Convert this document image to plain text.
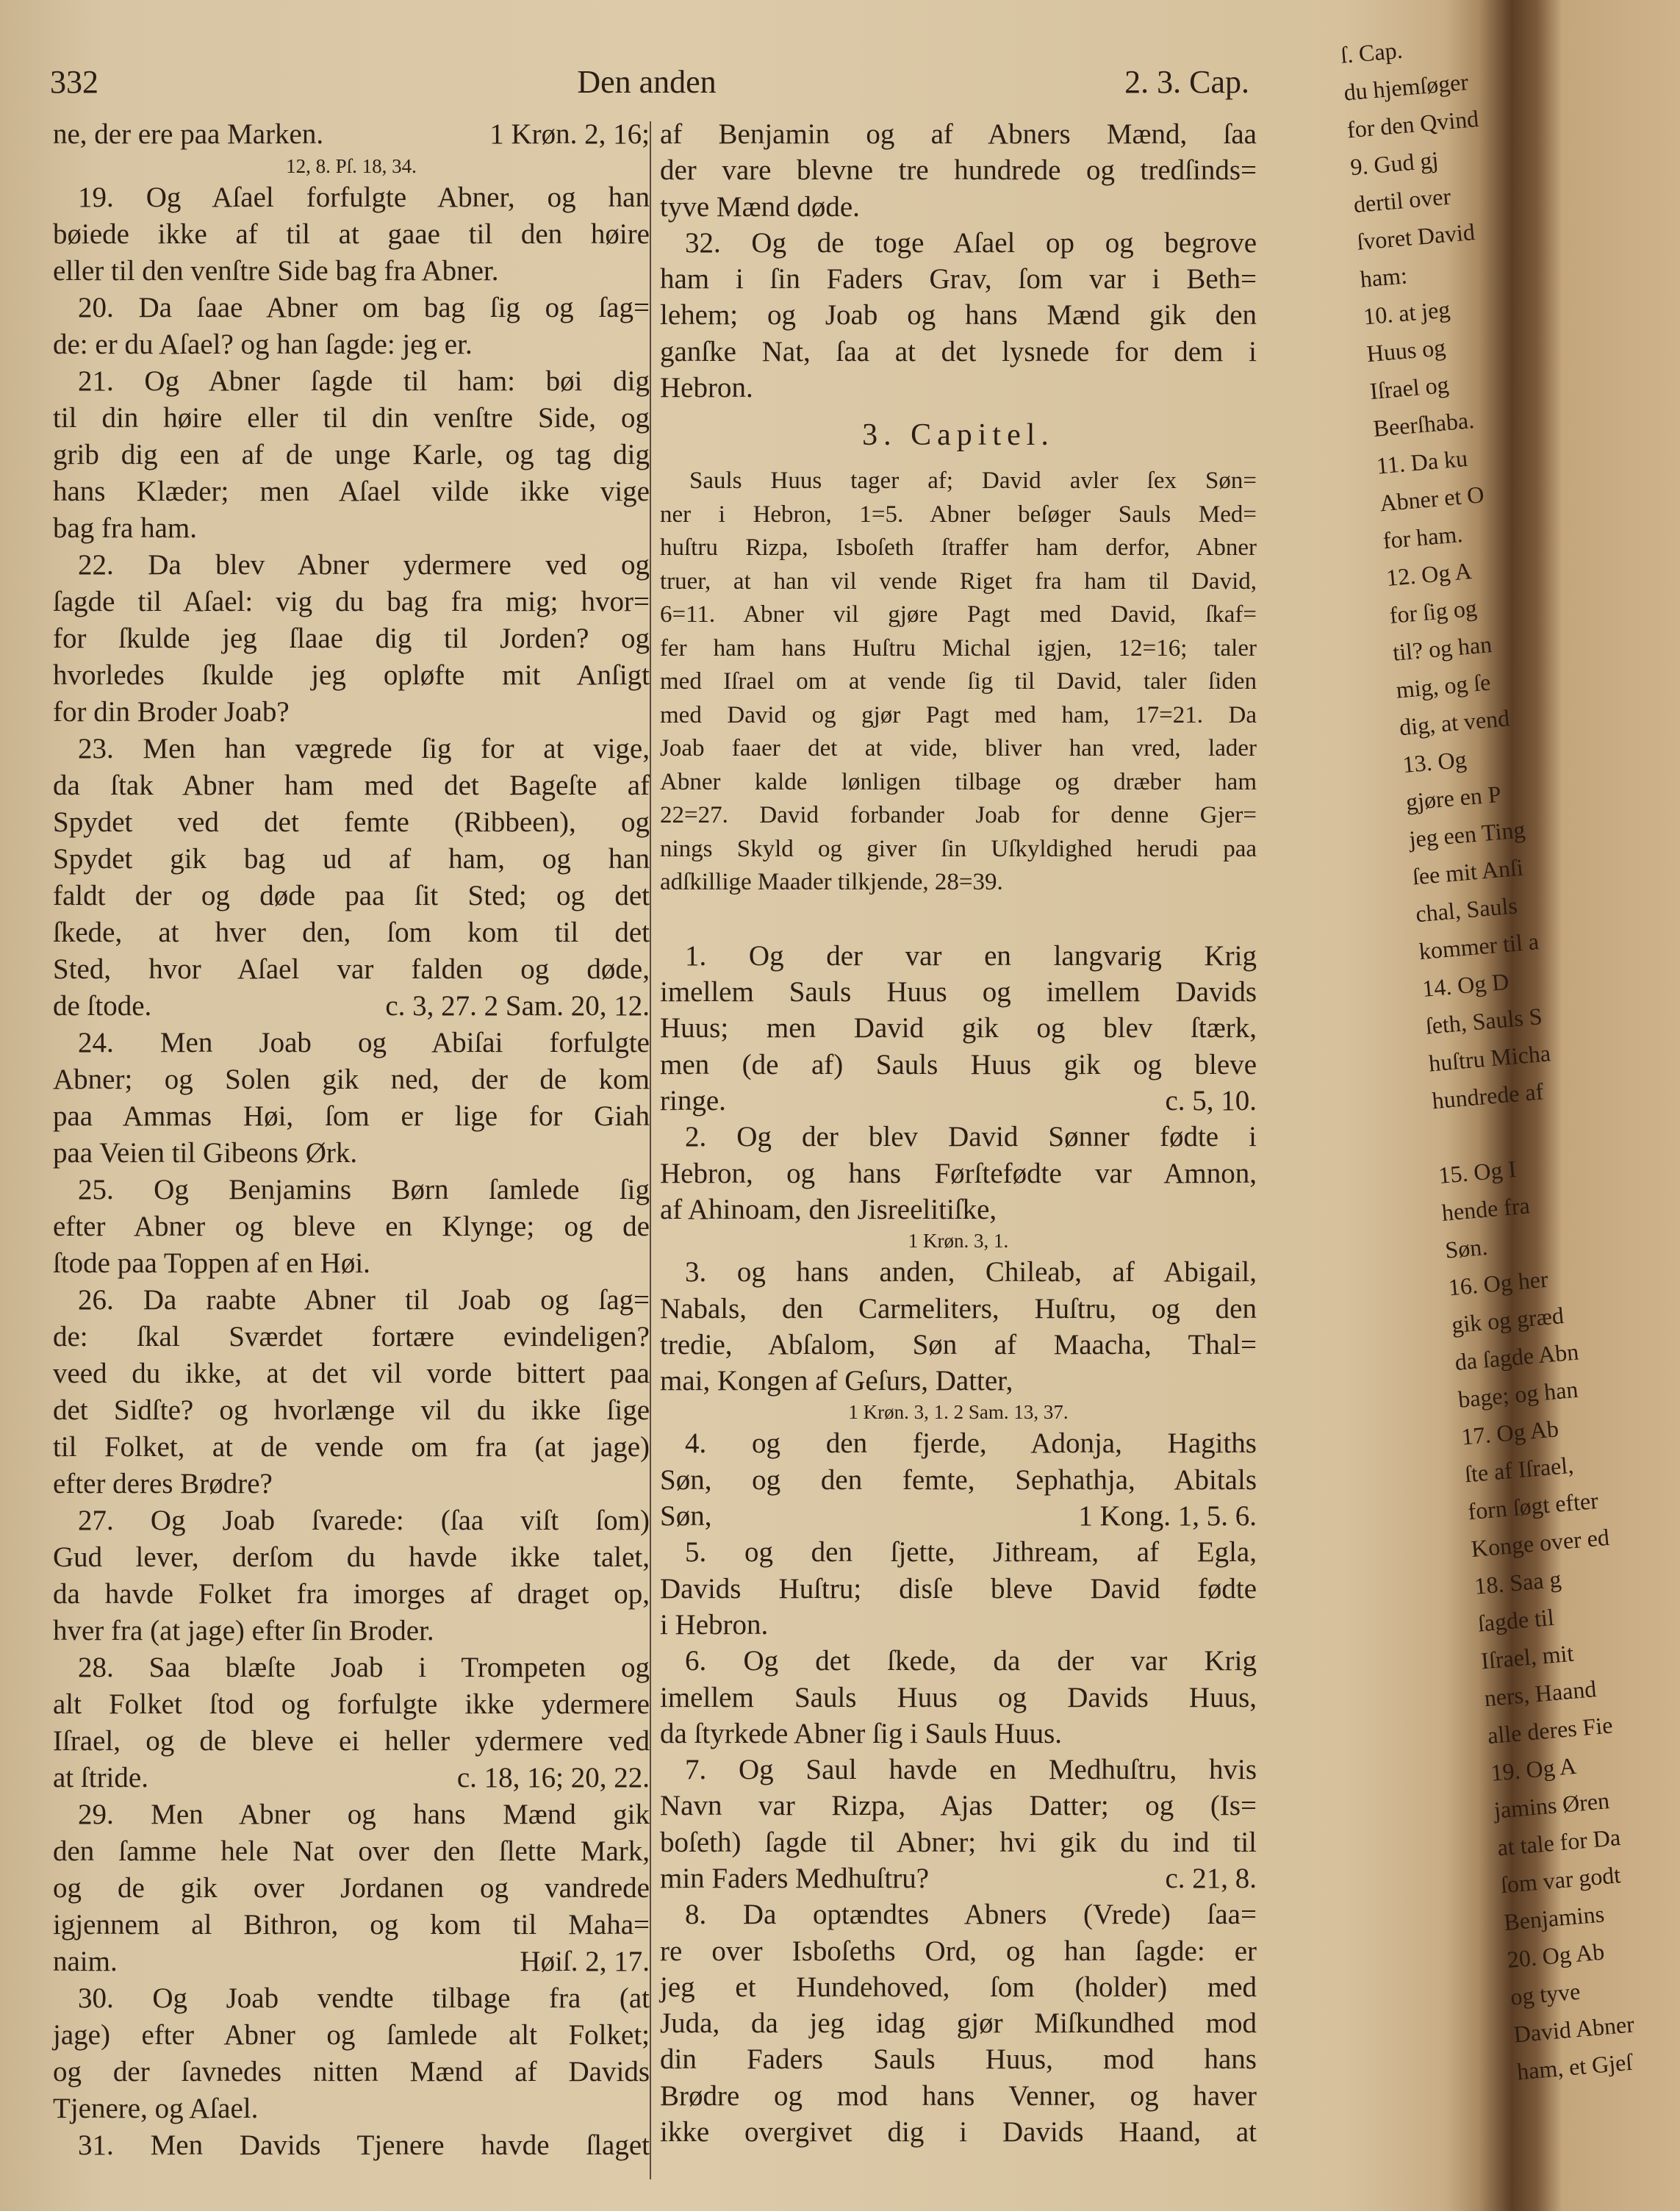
332	Den anden	2. 3. Cap.
ne, der ere paa Marken.	1 Krøn. 2, 16;
12, 8. Pſ. 18, 34.
19. Og Aſael forfulgte Abner, og han
bøiede ikke af til at gaae til den høire
eller til den venſtre Side bag fra Abner.
20. Da ſaae Abner om bag ſig og ſag=
de: er du Aſael? og han ſagde: jeg er.
21. Og Abner ſagde til ham: bøi dig
til din høire eller til din venſtre Side, og
grib dig een af de unge Karle, og tag dig
hans Klæder; men Aſael vilde ikke vige
bag fra ham.
22. Da blev Abner ydermere ved og
ſagde til Aſael: vig du bag fra mig; hvor=
for ſkulde jeg ſlaae dig til Jorden? og
hvorledes ſkulde jeg opløfte mit Anſigt
for din Broder Joab?
23. Men han vægrede ſig for at vige,
da ſtak Abner ham med det Bageſte af
Spydet ved det femte (Ribbeen), og
Spydet gik bag ud af ham, og han
faldt der og døde paa ſit Sted; og det
ſkede, at hver den, ſom kom til det
Sted, hvor Aſael var falden og døde,
de ſtode.	c. 3, 27. 2 Sam. 20, 12.
24. Men Joab og Abiſai forfulgte
Abner; og Solen gik ned, der de kom
paa Ammas Høi, ſom er lige for Giah
paa Veien til Gibeons Ørk.
25. Og Benjamins Børn ſamlede ſig
efter Abner og bleve en Klynge; og de
ſtode paa Toppen af en Høi.
26. Da raabte Abner til Joab og ſag=
de: ſkal Sværdet fortære evindeligen?
veed du ikke, at det vil vorde bittert paa
det Sidſte? og hvorlænge vil du ikke ſige
til Folket, at de vende om fra (at jage)
efter deres Brødre?
27. Og Joab ſvarede: (ſaa viſt ſom)
Gud lever, derſom du havde ikke talet,
da havde Folket fra imorges af draget op,
hver fra (at jage) efter ſin Broder.
28. Saa blæſte Joab i Trompeten og
alt Folket ſtod og forfulgte ikke ydermere
Iſrael, og de bleve ei heller ydermere ved
at ſtride.	c. 18, 16; 20, 22.
29. Men Abner og hans Mænd gik
den ſamme hele Nat over den ſlette Mark,
og de gik over Jordanen og vandrede
igjennem al Bithron, og kom til Maha=
naim.	Høiſ. 2, 17.
30. Og Joab vendte tilbage fra (at
jage) efter Abner og ſamlede alt Folket;
og der ſavnedes nitten Mænd af Davids
Tjenere, og Aſael.
31. Men Davids Tjenere havde ſlaget
af Benjamin og af Abners Mænd, ſaa
der vare blevne tre hundrede og tredſinds=
tyve Mænd døde.
32. Og de toge Aſael op og begrove
ham i ſin Faders Grav, ſom var i Beth=
lehem; og Joab og hans Mænd gik den
ganſke Nat, ſaa at det lysnede for dem i
Hebron.
3. Capitel.
Sauls Huus tager af; David avler ſex Søn=
ner i Hebron, 1=5. Abner beſøger Sauls Med=
huſtru Rizpa, Isboſeth ſtraffer ham derfor, Abner
truer, at han vil vende Riget fra ham til David,
6=11. Abner vil gjøre Pagt med David, ſkaf=
fer ham hans Huſtru Michal igjen, 12=16; taler
med Iſrael om at vende ſig til David, taler ſiden
med David og gjør Pagt med ham, 17=21. Da
Joab faaer det at vide, bliver han vred, lader
Abner kalde lønligen tilbage og dræber ham
22=27. David forbander Joab for denne Gjer=
nings Skyld og giver ſin Uſkyldighed herudi paa
adſkillige Maader tilkjende, 28=39.
1. Og der var en langvarig Krig
imellem Sauls Huus og imellem Davids
Huus; men David gik og blev ſtærk,
men (de af) Sauls Huus gik og bleve
ringe.	c. 5, 10.
2. Og der blev David Sønner fødte i
Hebron, og hans Førſtefødte var Amnon,
af Ahinoam, den Jisreelitiſke,
1 Krøn. 3, 1.
3. og hans anden, Chileab, af Abigail,
Nabals, den Carmeliters, Huſtru, og den
tredie, Abſalom, Søn af Maacha, Thal=
mai, Kongen af Geſurs, Datter,
1 Krøn. 3, 1. 2 Sam. 13, 37.
4. og den fjerde, Adonja, Hagiths
Søn, og den femte, Sephathja, Abitals
Søn,	1 Kong. 1, 5. 6.
5. og den ſjette, Jithream, af Egla,
Davids Huſtru; disſe bleve David fødte
i Hebron.
6. Og det ſkede, da der var Krig
imellem Sauls Huus og Davids Huus,
da ſtyrkede Abner ſig i Sauls Huus.
7. Og Saul havde en Medhuſtru, hvis
Navn var Rizpa, Ajas Datter; og (Is=
boſeth) ſagde til Abner; hvi gik du ind til
min Faders Medhuſtru?	c. 21, 8.
8. Da optændtes Abners (Vrede) ſaa=
re over Isboſeths Ord, og han ſagde: er
jeg et Hundehoved, ſom (holder) med
Juda, da jeg idag gjør Miſkundhed mod
din Faders Sauls Huus, mod hans
Brødre og mod hans Venner, og haver
ikke overgivet dig i Davids Haand, at
ſ. Cap.
du hjemſøger
for den Qvind
9. Gud gj
dertil over
ſvoret David
ham:
10. at jeg
Huus og
Iſrael og
Beerſhaba.
11. Da ku
Abner et O
for ham.
12. Og A
for ſig og
til? og han
mig, og ſe
dig, at vend
13. Og
gjøre en P
jeg een Ting
ſee mit Anſi
chal, Sauls
kommer til a
14. Og D
ſeth, Sauls S
huſtru Micha
hundrede af
15. Og I
hende fra
Søn.
16. Og her
gik og græd
da ſagde Abn
bage; og han
17. Og Ab
ſte af Iſrael,
forn ſøgt efter
Konge over ed
18. Saa g
ſagde til
Iſrael, mit
ners, Haand
alle deres Fie
19. Og A
jamins Øren
at tale for Da
ſom var godt
Benjamins
20. Og Ab
og tyve
David Abner
ham, et Gjeſ
